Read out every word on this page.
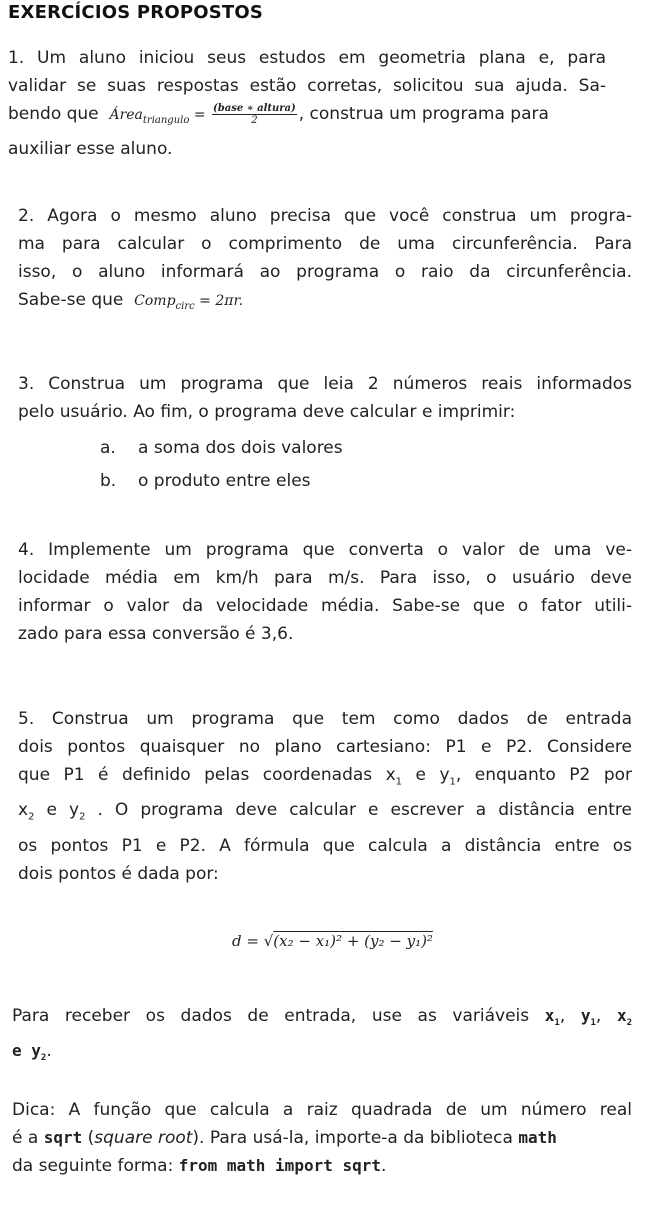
EXERCÍCIOS PROPOSTOS
1. Um aluno iniciou seus estudos em geometria plana e, para
validar se suas respostas estão corretas, solicitou sua ajuda. Sa-
bendo que Área$_{triangulo}$ = $\frac{\text{(base ∗ altura)}}{2}$ , construa um programa para
auxiliar esse aluno.
2. Agora o mesmo aluno precisa que você construa um progra-
ma para calcular o comprimento de uma circunferência. Para
isso, o aluno informará ao programa o raio da circunferência.
Sabe-se que Comp$_{circ}$ = 2πr.
3. Construa um programa que leia 2 números reais informados
pelo usuário. Ao fim, o programa deve calcular e imprimir:
a. a soma dos dois valores
b. o produto entre eles
4. Implemente um programa que converta o valor de uma ve-
locidade média em km/h para m/s. Para isso, o usuário deve
informar o valor da velocidade média. Sabe-se que o fator utili-
zado para essa conversão é 3,6.
5. Construa um programa que tem como dados de entrada
dois pontos quaisquer no plano cartesiano: P1 e P2. Considere
que P1 é definido pelas coordenadas $x_1$ e $y_1$, enquanto P2 por
$x_2$ e $y_2$ . O programa deve calcular e escrever a distância entre
os pontos P1 e P2. A fórmula que calcula a distância entre os
dois pontos é dada por:
d = √(x₂ − x₁)² + (y₂ − y₁)²
Para receber os dados de entrada, use as variáveis $x_1$, $y_1$, $x_2$
e $y_2$.
Dica: A função que calcula a raiz quadrada de um número real
é a sqrt (square root). Para usá-la, importe-a da biblioteca math
da seguinte forma: from math import sqrt.
